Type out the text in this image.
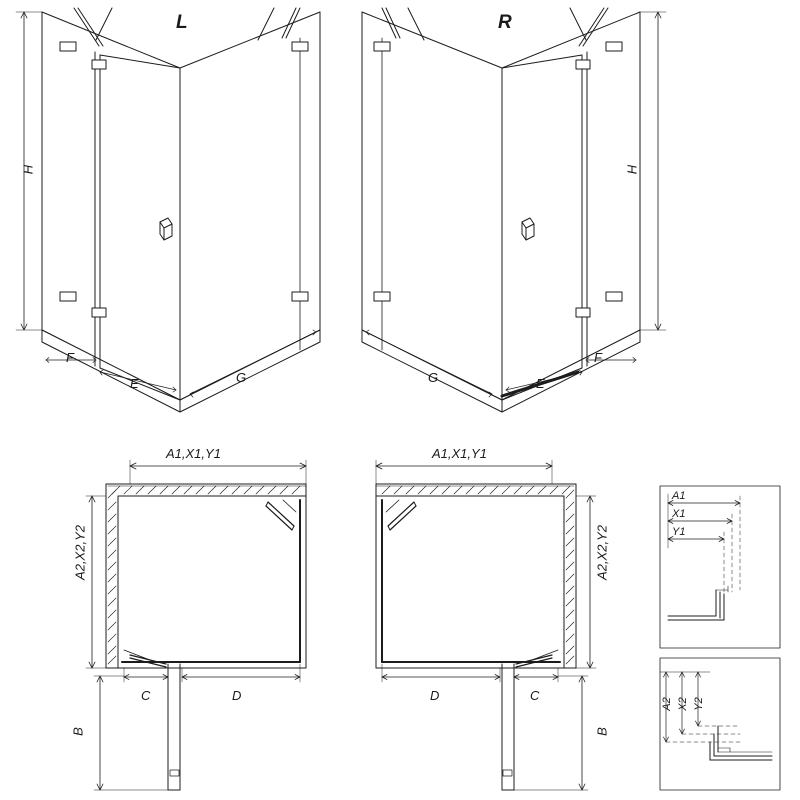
L	R
H	H
F
E	G	G	E
F
A1,X1,Y1	A1,X1,Y1
A2,X2,Y2	A2,X2,Y2
C	D	D	C
B	B
A1
X1
Y1
A2 X2 Y2
